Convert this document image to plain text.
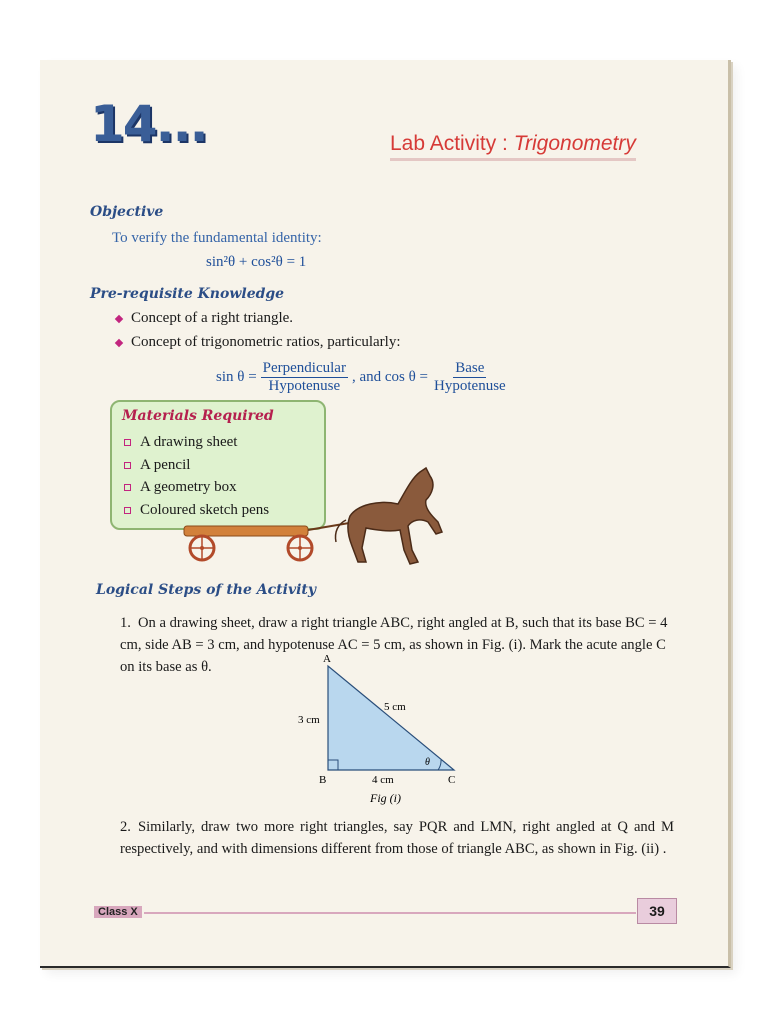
14...	Lab Activity : Trigonometry
Objective
To verify the fundamental identity:
sin²θ + cos²θ = 1
Pre-requisite Knowledge
Concept of a right triangle.
Concept of trigonometric ratios, particularly:
$\sin \theta = \frac{\text{Perpendicular}}{\text{Hypotenuse}}$ , and $\cos \theta = \frac{\text{Base}}{\text{Hypotenuse}}$
Materials Required
A drawing sheet
A pencil
A geometry box
Coloured sketch pens
Logical Steps of the Activity
1. On a drawing sheet, draw a right triangle ABC, right angled at B, such that its base BC = 4 cm, side AB = 3 cm, and hypotenuse AC = 5 cm, as shown in Fig. (i). Mark the acute angle C on its base as θ.	A
B	C
3 cm
5 cm
4 cm
θ
Fig (i)
2. Similarly, draw two more right triangles, say PQR and LMN, right angled at Q and M respectively, and with dimensions different from those of triangle ABC, as shown in Fig. (ii) .
Class X	39
